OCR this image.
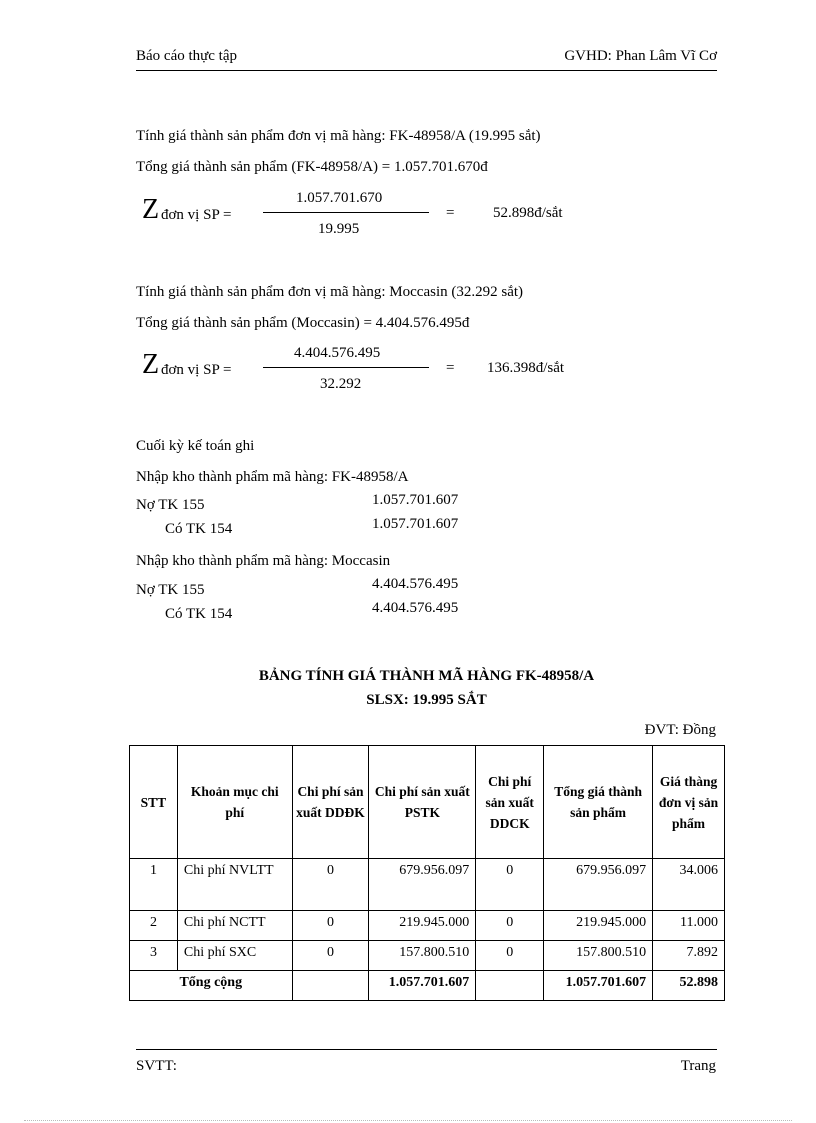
Báo cáo thực tập	GVHD: Phan Lâm Vĩ Cơ
Tính giá thành sản phẩm đơn vị mã hàng: FK-48958/A (19.995 sắt)
Tổng giá thành sản phẩm (FK-48958/A) = 1.057.701.670đ
1.057.701.670
19.995
Z đơn vị SP =	=	52.898đ/sắt
Tính giá thành sản phẩm đơn vị mã hàng: Moccasin (32.292 sắt)
Tổng giá thành sản phẩm (Moccasin) = 4.404.576.495đ
4.404.576.495
32.292
Z đơn vị SP =	= 136.398đ/sắt
Cuối kỳ kế toán ghi
Nhập kho thành phẩm mã hàng: FK-48958/A
Nợ TK 155	1.057.701.607
Có TK 154	1.057.701.607
Nhập kho thành phẩm mã hàng: Moccasin
Nợ TK 155	4.404.576.495
Có TK 154	4.404.576.495
BẢNG TÍNH GIÁ THÀNH MÃ HÀNG FK-48958/A
SLSX: 19.995 SẮT
ĐVT: Đồng
STT	Khoản mục chi phí	Chi phí sản xuất DDĐK	Chi phí sản xuất PSTK	Chi phí sản xuất DDCK	Tổng giá thành sản phẩm	Giá thàng đơn vị sản phẩm
1	Chi phí NVLTT	0	679.956.097	0	679.956.097	34.006
2	Chi phí NCTT	0	219.945.000	0	219.945.000	11.000
3	Chi phí SXC	0	157.800.510	0	157.800.510	7.892
Tổng cộng			1.057.701.607		1.057.701.607	52.898
SVTT:	Trang
